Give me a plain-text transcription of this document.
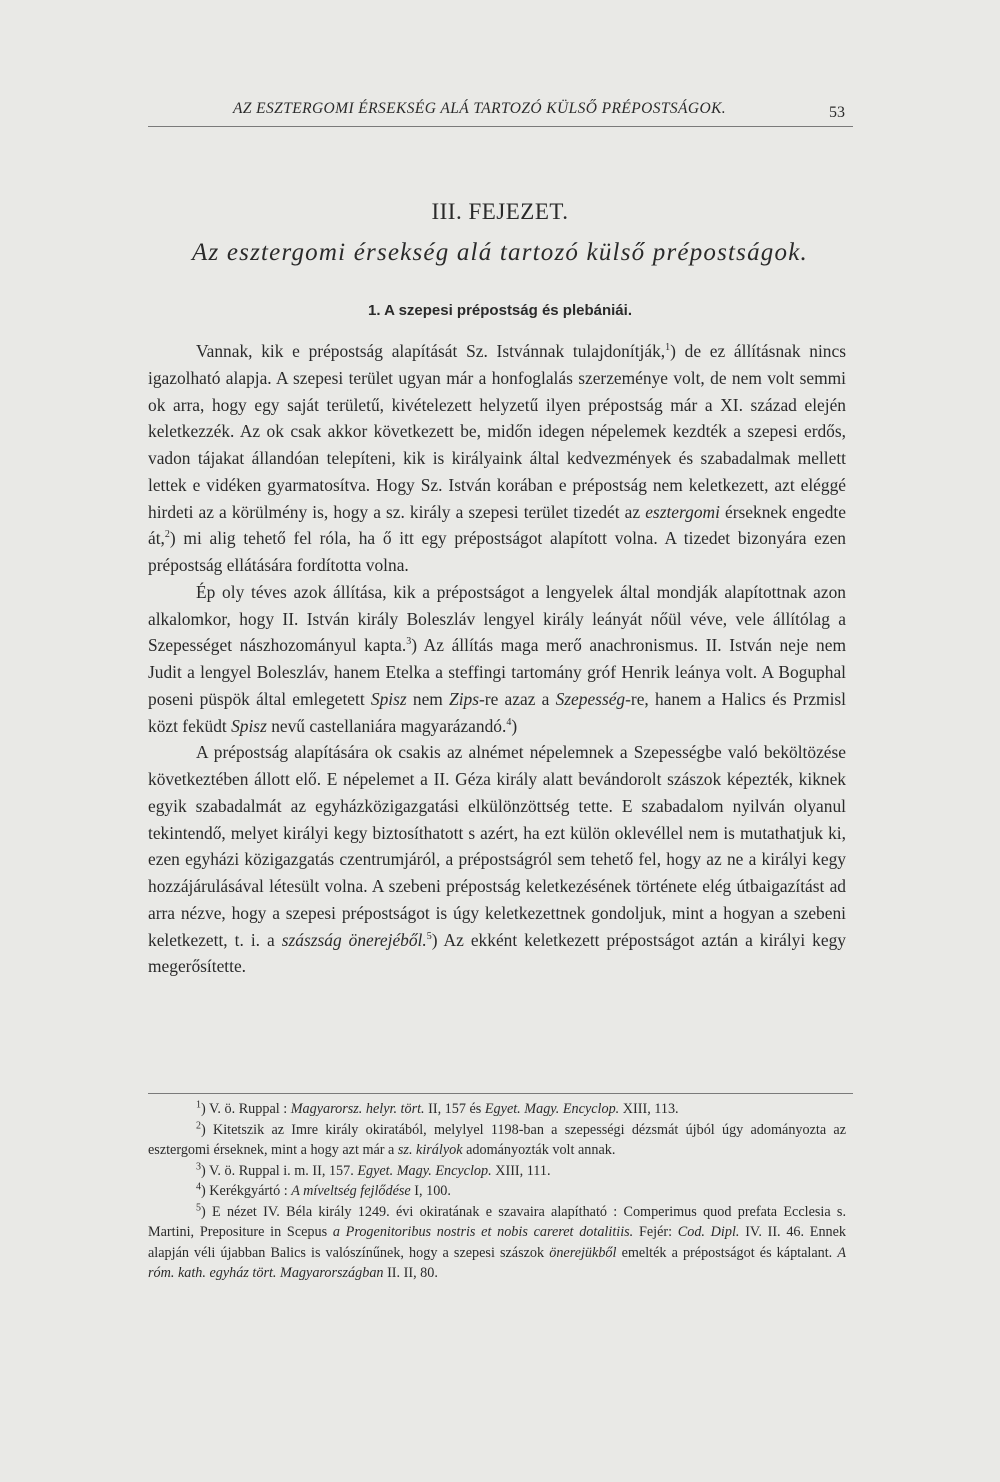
AZ ESZTERGOMI ÉRSEKSÉG ALÁ TARTOZÓ KÜLSŐ PRÉPOSTSÁGOK.	53
III. FEJEZET.
Az esztergomi érsekség alá tartozó külső prépostságok.
1. A szepesi prépostság és plebániái.

Vannak, kik e prépostság alapítását Sz. Istvánnak tulajdonítják,$^1$) de ez állításnak nincs igazolható alapja. A szepesi terület ugyan már a honfoglalás szerzeménye volt, de nem volt semmi ok arra, hogy egy saját területű, kivételezett helyzetű ilyen prépostság már a XI. század elején keletkezzék. Az ok csak akkor következett be, midőn idegen népelemek kezdték a szepesi erdős, vadon tájakat állandóan telepíteni, kik is királyaink által kedvezmények és szabadalmak mellett lettek e vidéken gyarmatosítva. Hogy Sz. István korában e prépostság nem keletkezett, azt eléggé hirdeti az a körülmény is, hogy a sz. király a szepesi terület tizedét az esztergomi érseknek engedte át,$^2$) mi alig tehető fel róla, ha ő itt egy prépostságot alapított volna. A tizedet bizonyára ezen prépostság ellátására fordította volna.

Ép oly téves azok állítása, kik a prépostságot a lengyelek által mondják alapítottnak azon alkalomkor, hogy II. István király Boleszláv lengyel király leányát nőül véve, vele állítólag a Szepességet nászhozományul kapta.$^3$) Az állítás maga merő anachronismus. II. István neje nem Judit a lengyel Boleszláv, hanem Etelka a steffingi tartomány gróf Henrik leánya volt. A Boguphal poseni püspök által emlegetett Spisz nem Zips-re azaz a Szepesség-re, hanem a Halics és Przmisl közt feküdt Spisz nevű castellaniára magyarázandó.$^4$)

A prépostság alapítására ok csakis az alnémet népelemnek a Szepességbe való beköltözése következtében állott elő. E népelemet a II. Géza király alatt bevándorolt szászok képezték, kiknek egyik szabadalmát az egyházközigazgatási elkülönzöttség tette. E szabadalom nyilván olyanul tekintendő, melyet királyi kegy biztosíthatott s azért, ha ezt külön oklevéllel nem is mutathatjuk ki, ezen egyházi közigazgatás czentrumjáról, a prépostságról sem tehető fel, hogy az ne a királyi kegy hozzájárulásával létesült volna. A szebeni prépostság keletkezésének története elég útbaigazítást ad arra nézve, hogy a szepesi prépostságot is úgy keletkezettnek gondoljuk, mint a hogyan a szebeni keletkezett, t. i. a szászság önerejéből.$^5$) Az ekként keletkezett prépostságot aztán a királyi kegy megerősítette.

$^1$) V. ö. Ruppal : Magyarorsz. helyr. tört. II, 157 és Egyet. Magy. Encyclop. XIII, 113.

$^2$) Kitetszik az Imre király okiratából, melylyel 1198-ban a szepességi dézsmát újból úgy adományozta az esztergomi érseknek, mint a hogy azt már a sz. királyok adományozták volt annak.

$^3$) V. ö. Ruppal i. m. II, 157. Egyet. Magy. Encyclop. XIII, 111.

$^4$) Kerékgyártó : A míveltség fejlődése I, 100.

$^5$) E nézet IV. Béla király 1249. évi okiratának e szavaira alapítható : Comperimus quod prefata Ecclesia s. Martini, Prepositure in Scepus a Progenitoribus nostris et nobis careret dotalitiis. Fejér: Cod. Dipl. IV. II. 46. Ennek alapján véli újabban Balics is valószínűnek, hogy a szepesi szászok önerejükből emelték a prépostságot és káptalant. A róm. kath. egyház tört. Magyarországban II. II, 80.
